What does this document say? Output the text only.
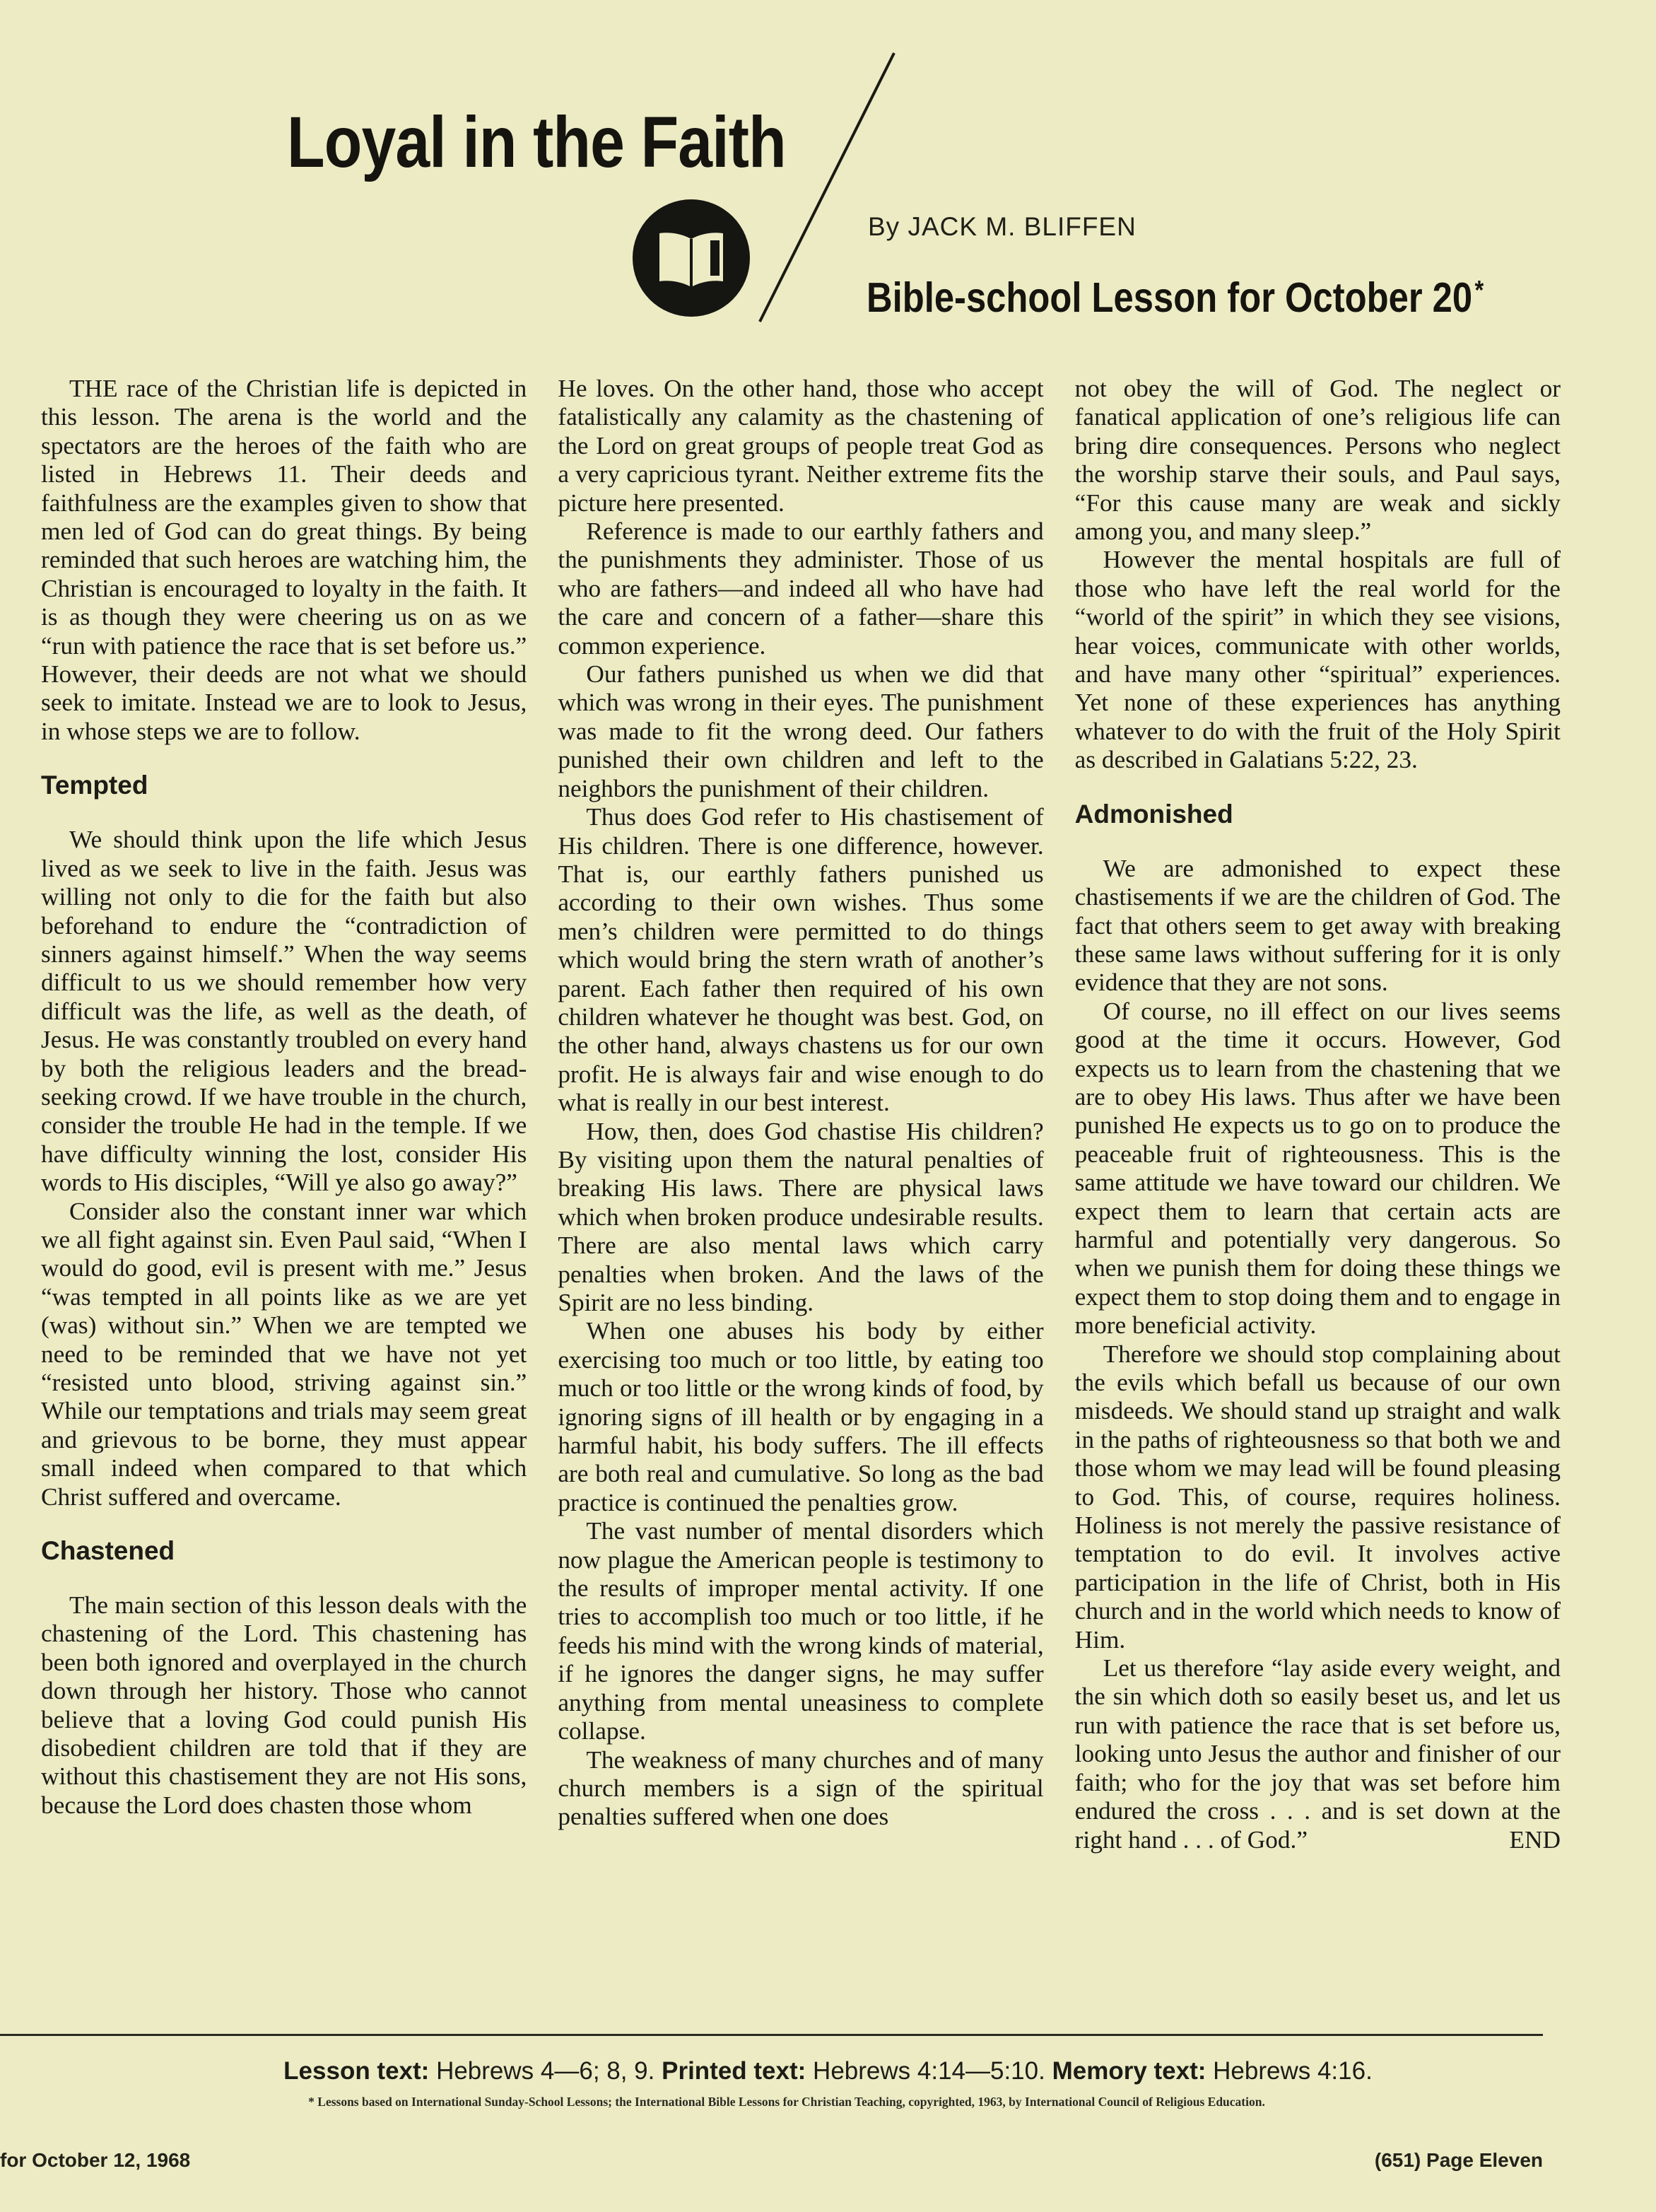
Loyal in the Faith
By JACK M. BLIFFEN
Bible-school Lesson for October 20*

THE race of the Christian life is depicted in this lesson. The arena is the world and the spectators are the heroes of the faith who are listed in Hebrews 11. Their deeds and faithfulness are the examples given to show that men led of God can do great things. By being reminded that such heroes are watching him, the Christian is encouraged to loyalty in the faith. It is as though they were cheering us on as we “run with patience the race that is set before us.” However, their deeds are not what we should seek to imitate. Instead we are to look to Jesus, in whose steps we are to follow.

Tempted

We should think upon the life which Jesus lived as we seek to live in the faith. Jesus was willing not only to die for the faith but also beforehand to endure the “contradiction of sinners against himself.” When the way seems difficult to us we should remember how very difficult was the life, as well as the death, of Jesus. He was constantly troubled on every hand by both the religious leaders and the bread-seeking crowd. If we have trouble in the church, consider the trouble He had in the temple. If we have difficulty winning the lost, consider His words to His disciples, “Will ye also go away?”

Consider also the constant inner war which we all fight against sin. Even Paul said, “When I would do good, evil is present with me.” Jesus “was tempted in all points like as we are yet (was) without sin.” When we are tempted we need to be reminded that we have not yet “resisted unto blood, striving against sin.” While our temptations and trials may seem great and grievous to be borne, they must appear small indeed when compared to that which Christ suffered and overcame.

Chastened

The main section of this lesson deals with the chastening of the Lord. This chastening has been both ignored and overplayed in the church down through her history. Those who cannot believe that a loving God could punish His disobedient children are told that if they are without this chastisement they are not His sons, because the Lord does chasten those whom

He loves. On the other hand, those who accept fatalistically any calamity as the chastening of the Lord on great groups of people treat God as a very capricious tyrant. Neither extreme fits the picture here presented.

Reference is made to our earthly fathers and the punishments they administer. Those of us who are fathers—and indeed all who have had the care and concern of a father—share this common experience.

Our fathers punished us when we did that which was wrong in their eyes. The punishment was made to fit the wrong deed. Our fathers punished their own children and left to the neighbors the punishment of their children.

Thus does God refer to His chastisement of His children. There is one difference, however. That is, our earthly fathers punished us according to their own wishes. Thus some men’s children were permitted to do things which would bring the stern wrath of another’s parent. Each father then required of his own children whatever he thought was best. God, on the other hand, always chastens us for our own profit. He is always fair and wise enough to do what is really in our best interest.

How, then, does God chastise His children? By visiting upon them the natural penalties of breaking His laws. There are physical laws which when broken produce undesirable results. There are also mental laws which carry penalties when broken. And the laws of the Spirit are no less binding.

When one abuses his body by either exercising too much or too little, by eating too much or too little or the wrong kinds of food, by ignoring signs of ill health or by engaging in a harmful habit, his body suffers. The ill effects are both real and cumulative. So long as the bad practice is continued the penalties grow.

The vast number of mental disorders which now plague the American people is testimony to the results of improper mental activity. If one tries to accomplish too much or too little, if he feeds his mind with the wrong kinds of material, if he ignores the danger signs, he may suffer anything from mental uneasiness to complete collapse.

The weakness of many churches and of many church members is a sign of the spiritual penalties suffered when one does

not obey the will of God. The neglect or fanatical application of one’s religious life can bring dire consequences. Persons who neglect the worship starve their souls, and Paul says, “For this cause many are weak and sickly among you, and many sleep.”

However the mental hospitals are full of those who have left the real world for the “world of the spirit” in which they see visions, hear voices, communicate with other worlds, and have many other “spiritual” experiences. Yet none of these experiences has anything whatever to do with the fruit of the Holy Spirit as described in Galatians 5:22, 23.

Admonished

We are admonished to expect these chastisements if we are the children of God. The fact that others seem to get away with breaking these same laws without suffering for it is only evidence that they are not sons.

Of course, no ill effect on our lives seems good at the time it occurs. However, God expects us to learn from the chastening that we are to obey His laws. Thus after we have been punished He expects us to go on to produce the peaceable fruit of righteousness. This is the same attitude we have toward our children. We expect them to learn that certain acts are harmful and potentially very dangerous. So when we punish them for doing these things we expect them to stop doing them and to engage in more beneficial activity.

Therefore we should stop complaining about the evils which befall us because of our own misdeeds. We should stand up straight and walk in the paths of righteousness so that both we and those whom we may lead will be found pleasing to God. This, of course, requires holiness. Holiness is not merely the passive resistance of temptation to do evil. It involves active participation in the life of Christ, both in His church and in the world which needs to know of Him.

Let us therefore “lay aside every weight, and the sin which doth so easily beset us, and let us run with patience the race that is set before us, looking unto Jesus the author and finisher of our faith; who for the joy that was set before him endured the cross . . . and is set down at the right hand . . . of God.”	END

Lesson text: Hebrews 4—6; 8, 9. Printed text: Hebrews 4:14—5:10. Memory text: Hebrews 4:16.
* Lessons based on International Sunday-School Lessons; the International Bible Lessons for Christian Teaching, copyrighted, 1963, by International Council of Religious Education.
for October 12, 1968	(651) Page Eleven
